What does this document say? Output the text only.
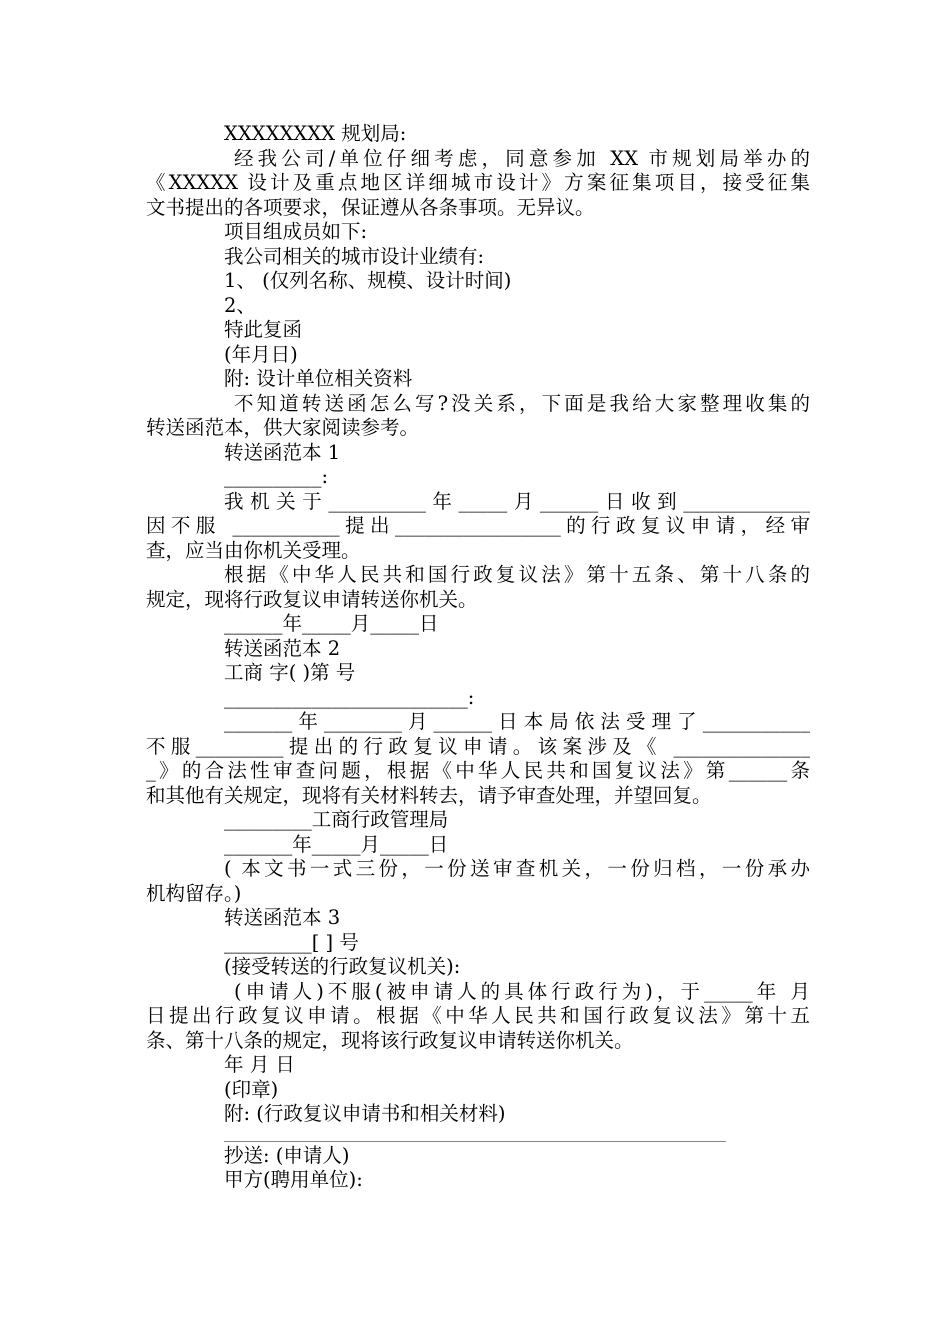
XXXXXXXX 规划局:
经我公司/单位仔细考虑，同意参加 XX 市规划局举办的
《XXXXX 设计及重点地区详细城市设计》方案征集项目，接受征集
文书提出的各项要求，保证遵从各条事项。无异议。
项目组成员如下:
我公司相关的城市设计业绩有:
1、 (仅列名称、规模、设计时间)
2、
特此复函
(年月日)
附: 设计单位相关资料
不知道转送函怎么写?没关系，下面是我给大家整理收集的
转送函范本，供大家阅读参考。
转送函范本 1
__________:
我机关于__________年_____月______日收到_____________
因不服 ___________提出_________________的行政复议申请，经审
查，应当由你机关受理。
根据《中华人民共和国行政复议法》第十五条、第十八条的
规定，现将行政复议申请转送你机关。
______年_____月_____日
转送函范本 2
工商 字( )第 号
_________________________:
_______年________月______日本局依法受理了___________
不服_________提出的行政复议申请。该案涉及《 ______________
_》的合法性审查问题，根据《中华人民共和国复议法》第______条
和其他有关规定，现将有关材料转去，请予审查处理，并望回复。
_________工商行政管理局
_______年_____月_____日
( 本文书一式三份，一份送审查机关，一份归档，一份承办
机构留存。)
转送函范本 3
_________[ ] 号
(接受转送的行政复议机关):
(申请人)不服(被申请人的具体行政行为)，于_____年 月
日提出行政复议申请。根据《中华人民共和国行政复议法》第十五
条、第十八条的规定，现将该行政复议申请转送你机关。
年 月 日
(印章)
附: (行政复议申请书和相关材料)
抄送: (申请人)
甲方(聘用单位):
